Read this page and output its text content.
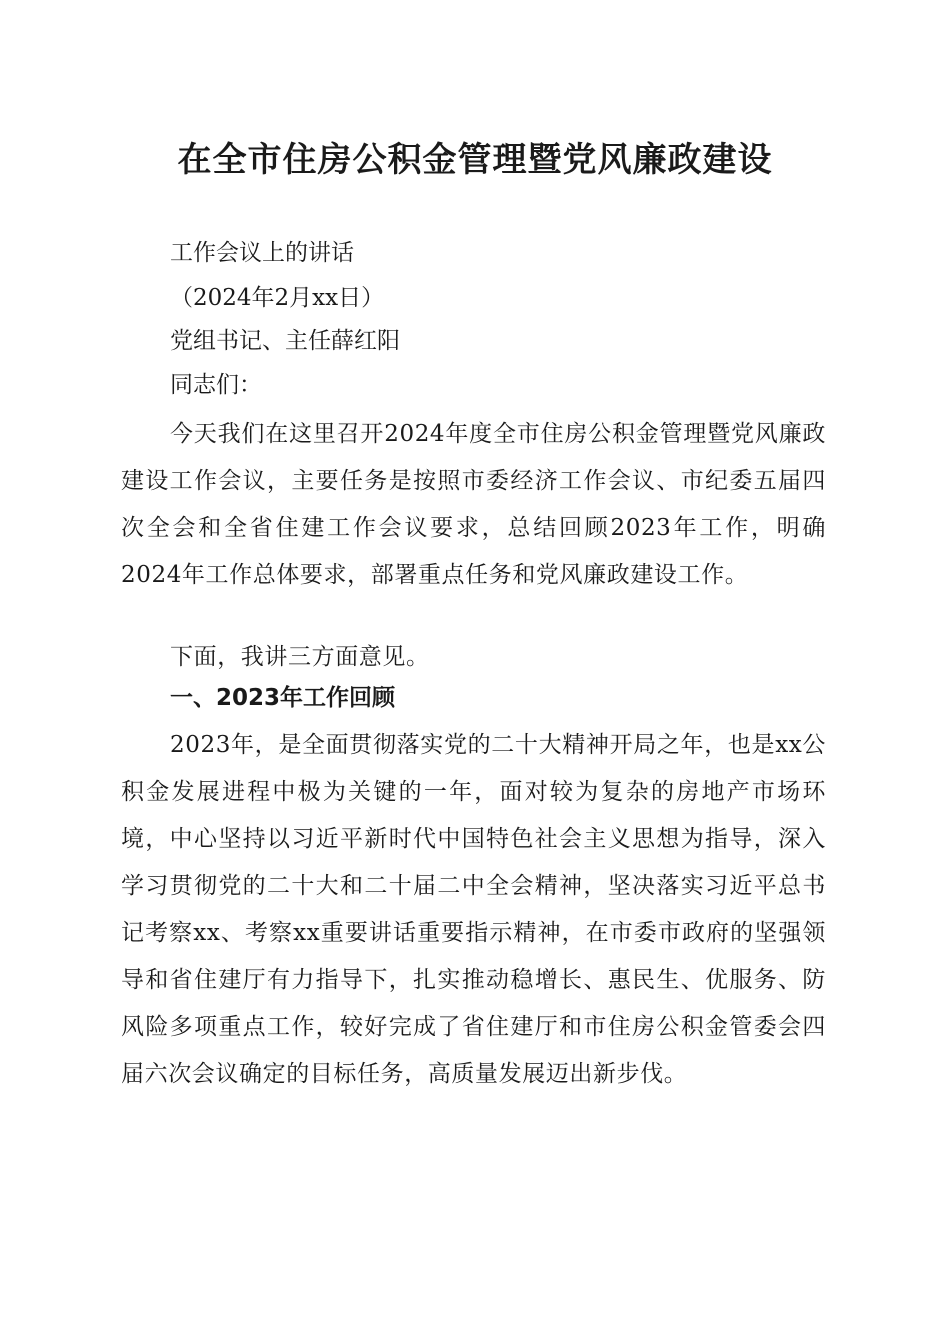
在全市住房公积金管理暨党风廉政建设

工作会议上的讲话

（2024年2月xx日）

党组书记、主任薛红阳

同志们：

今天我们在这里召开2024年度全市住房公积金管理暨党风廉政建设工作会议，主要任务是按照市委经济工作会议、市纪委五届四次全会和全省住建工作会议要求，总结回顾2023年工作，明确2024年工作总体要求，部署重点任务和党风廉政建设工作。

下面，我讲三方面意见。

一、2023年工作回顾

2023年，是全面贯彻落实党的二十大精神开局之年，也是xx公积金发展进程中极为关键的一年，面对较为复杂的房地产市场环境，中心坚持以习近平新时代中国特色社会主义思想为指导，深入学习贯彻党的二十大和二十届二中全会精神，坚决落实习近平总书记考察xx、考察xx重要讲话重要指示精神，在市委市政府的坚强领导和省住建厅有力指导下，扎实推动稳增长、惠民生、优服务、防风险多项重点工作，较好完成了省住建厅和市住房公积金管委会四届六次会议确定的目标任务，高质量发展迈出新步伐。
